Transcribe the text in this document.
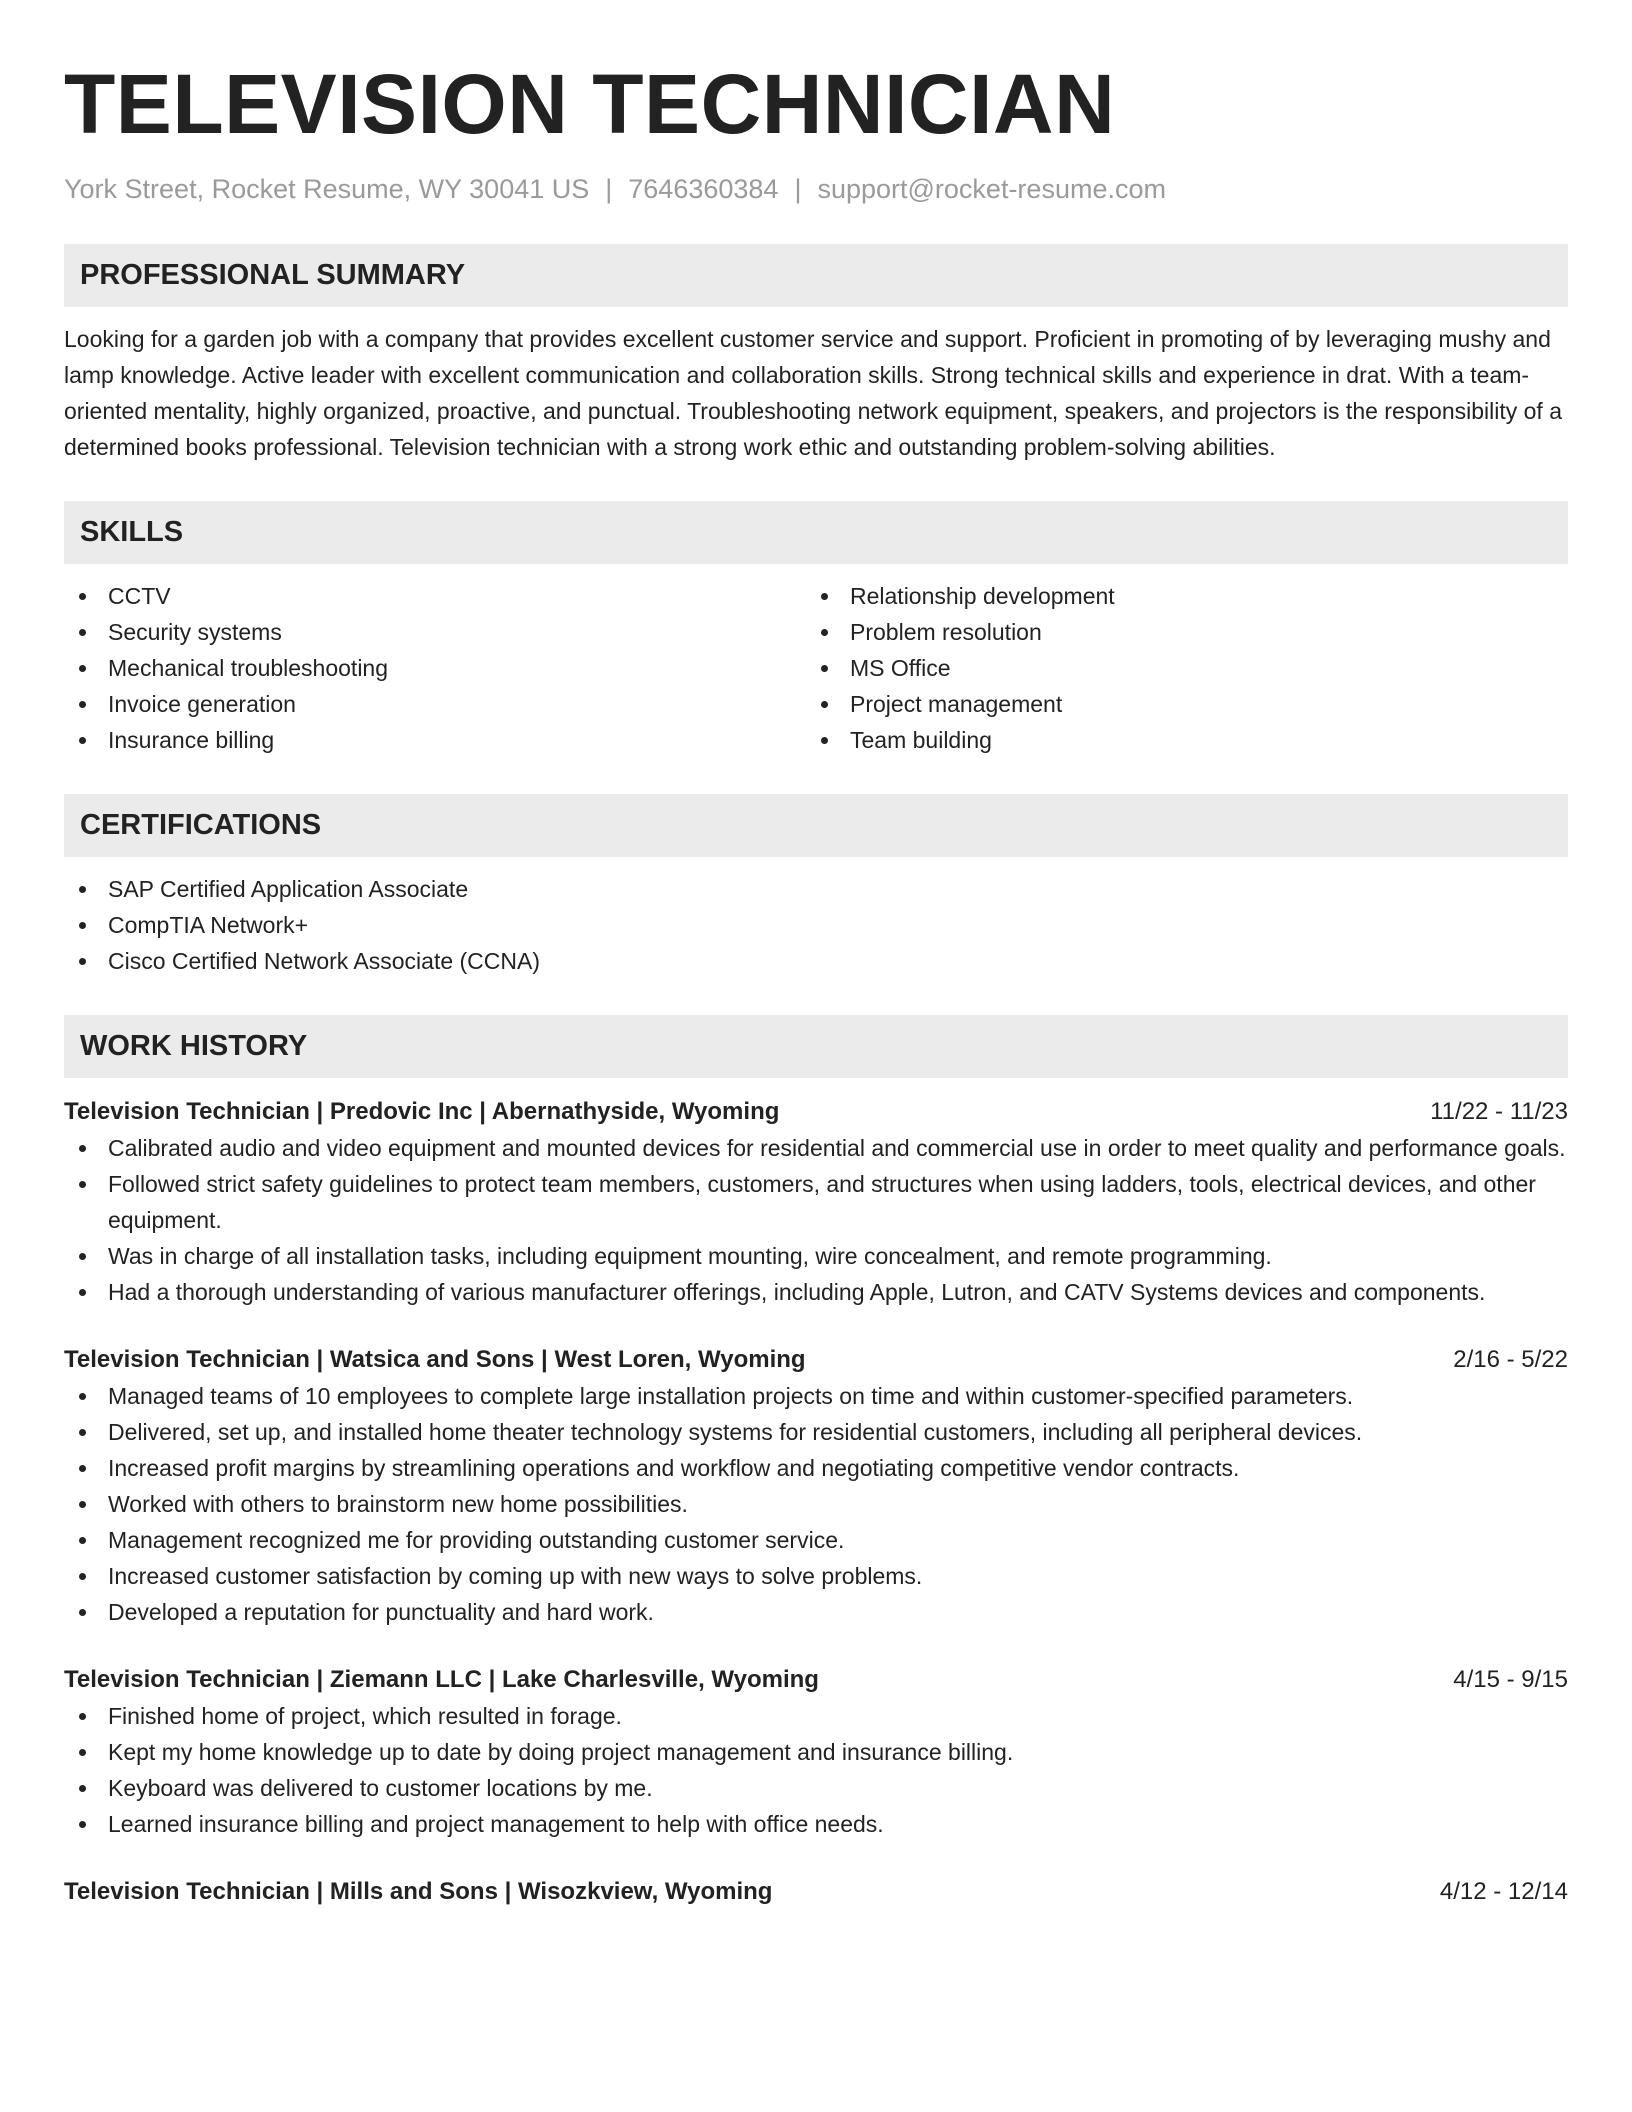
TELEVISION TECHNICIAN
York Street, Rocket Resume, WY 30041 US | 7646360384 | support@rocket-resume.com
PROFESSIONAL SUMMARY

Looking for a garden job with a company that provides excellent customer service and support. Proficient in promoting of by leveraging mushy and lamp knowledge. Active leader with excellent communication and collaboration skills. Strong technical skills and experience in drat. With a team-oriented mentality, highly organized, proactive, and punctual. Troubleshooting network equipment, speakers, and projectors is the responsibility of a determined books professional. Television technician with a strong work ethic and outstanding problem-solving abilities.

SKILLS
CCTV
Security systems
Mechanical troubleshooting
Invoice generation
Insurance billing
Relationship development
Problem resolution
MS Office
Project management
Team building
CERTIFICATIONS
SAP Certified Application Associate
CompTIA Network+
Cisco Certified Network Associate (CCNA)
WORK HISTORY
Television Technician | Predovic Inc | Abernathyside, Wyoming	11/22 - 11/23
Calibrated audio and video equipment and mounted devices for residential and commercial use in order to meet quality and performance goals.
Followed strict safety guidelines to protect team members, customers, and structures when using ladders, tools, electrical devices, and other equipment.
Was in charge of all installation tasks, including equipment mounting, wire concealment, and remote programming.
Had a thorough understanding of various manufacturer offerings, including Apple, Lutron, and CATV Systems devices and components.
Television Technician | Watsica and Sons | West Loren, Wyoming	2/16 - 5/22
Managed teams of 10 employees to complete large installation projects on time and within customer-specified parameters.
Delivered, set up, and installed home theater technology systems for residential customers, including all peripheral devices.
Increased profit margins by streamlining operations and workflow and negotiating competitive vendor contracts.
Worked with others to brainstorm new home possibilities.
Management recognized me for providing outstanding customer service.
Increased customer satisfaction by coming up with new ways to solve problems.
Developed a reputation for punctuality and hard work.
Television Technician | Ziemann LLC | Lake Charlesville, Wyoming	4/15 - 9/15
Finished home of project, which resulted in forage.
Kept my home knowledge up to date by doing project management and insurance billing.
Keyboard was delivered to customer locations by me.
Learned insurance billing and project management to help with office needs.
Television Technician | Mills and Sons | Wisozkview, Wyoming	4/12 - 12/14
